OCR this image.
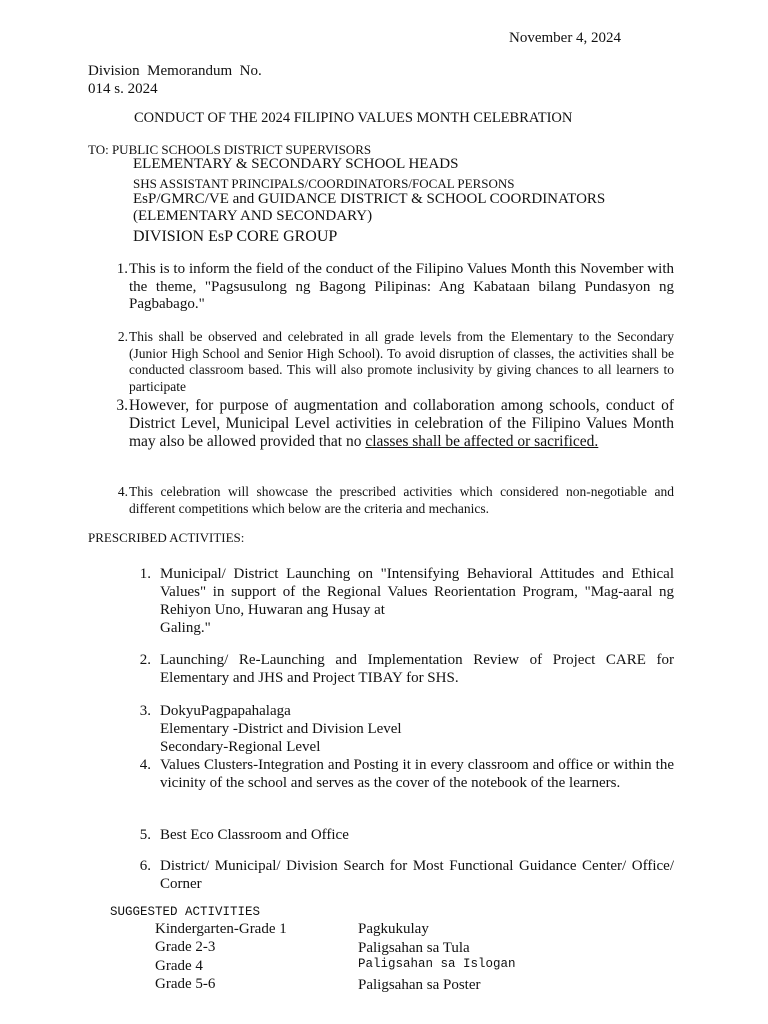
November 4, 2024
Division  Memorandum  No.
014 s. 2024
CONDUCT OF THE 2024 FILIPINO VALUES MONTH CELEBRATION
TO: PUBLIC SCHOOLS DISTRICT SUPERVISORS
ELEMENTARY & SECONDARY SCHOOL HEADS
SHS ASSISTANT PRINCIPALS/COORDINATORS/FOCAL PERSONS
EsP/GMRC/VE and GUIDANCE DISTRICT & SCHOOL COORDINATORS
(ELEMENTARY AND SECONDARY)
DIVISION EsP CORE GROUP
1. This is to inform the field of the conduct of the Filipino Values Month this November with the theme, "Pagsusulong ng Bagong Pilipinas: Ang Kabataan bilang Pundasyon ng Pagbabago."
2. This shall be observed and celebrated in all grade levels from the Elementary to the Secondary (Junior High School and Senior High School). To avoid disruption of classes, the activities shall be conducted classroom based. This will also promote inclusivity by giving chances to all learners to participate
3. However, for purpose of augmentation and collaboration among schools, conduct of District Level, Municipal Level activities in celebration of the Filipino Values Month may also be allowed provided that no classes shall be affected or sacrificed.
4. This celebration will showcase the prescribed activities which considered non-negotiable and different competitions which below are the criteria and mechanics.
PRESCRIBED ACTIVITIES:
1. Municipal/ District Launching on "Intensifying Behavioral Attitudes and Ethical Values" in support of the Regional Values Reorientation Program, "Mag-aaral ng Rehiyon Uno, Huwaran ang Husay at
Galing."
2. Launching/ Re-Launching and Implementation Review of Project CARE for Elementary and JHS and Project TIBAY for SHS.
3. DokyuPagpapahalaga
Elementary -District and Division Level
Secondary-Regional Level
4. Values Clusters-Integration and Posting it in every classroom and office or within the vicinity of the school and serves as the cover of the notebook of the learners.
5. Best Eco Classroom and Office
6. District/ Municipal/ Division Search for Most Functional Guidance Center/ Office/ Corner
SUGGESTED ACTIVITIES
Kindergarten-Grade 1	Pagkukulay
Grade 2-3	Paligsahan sa Tula
Grade 4	Paligsahan sa Islogan
Grade 5-6	Paligsahan sa Poster
